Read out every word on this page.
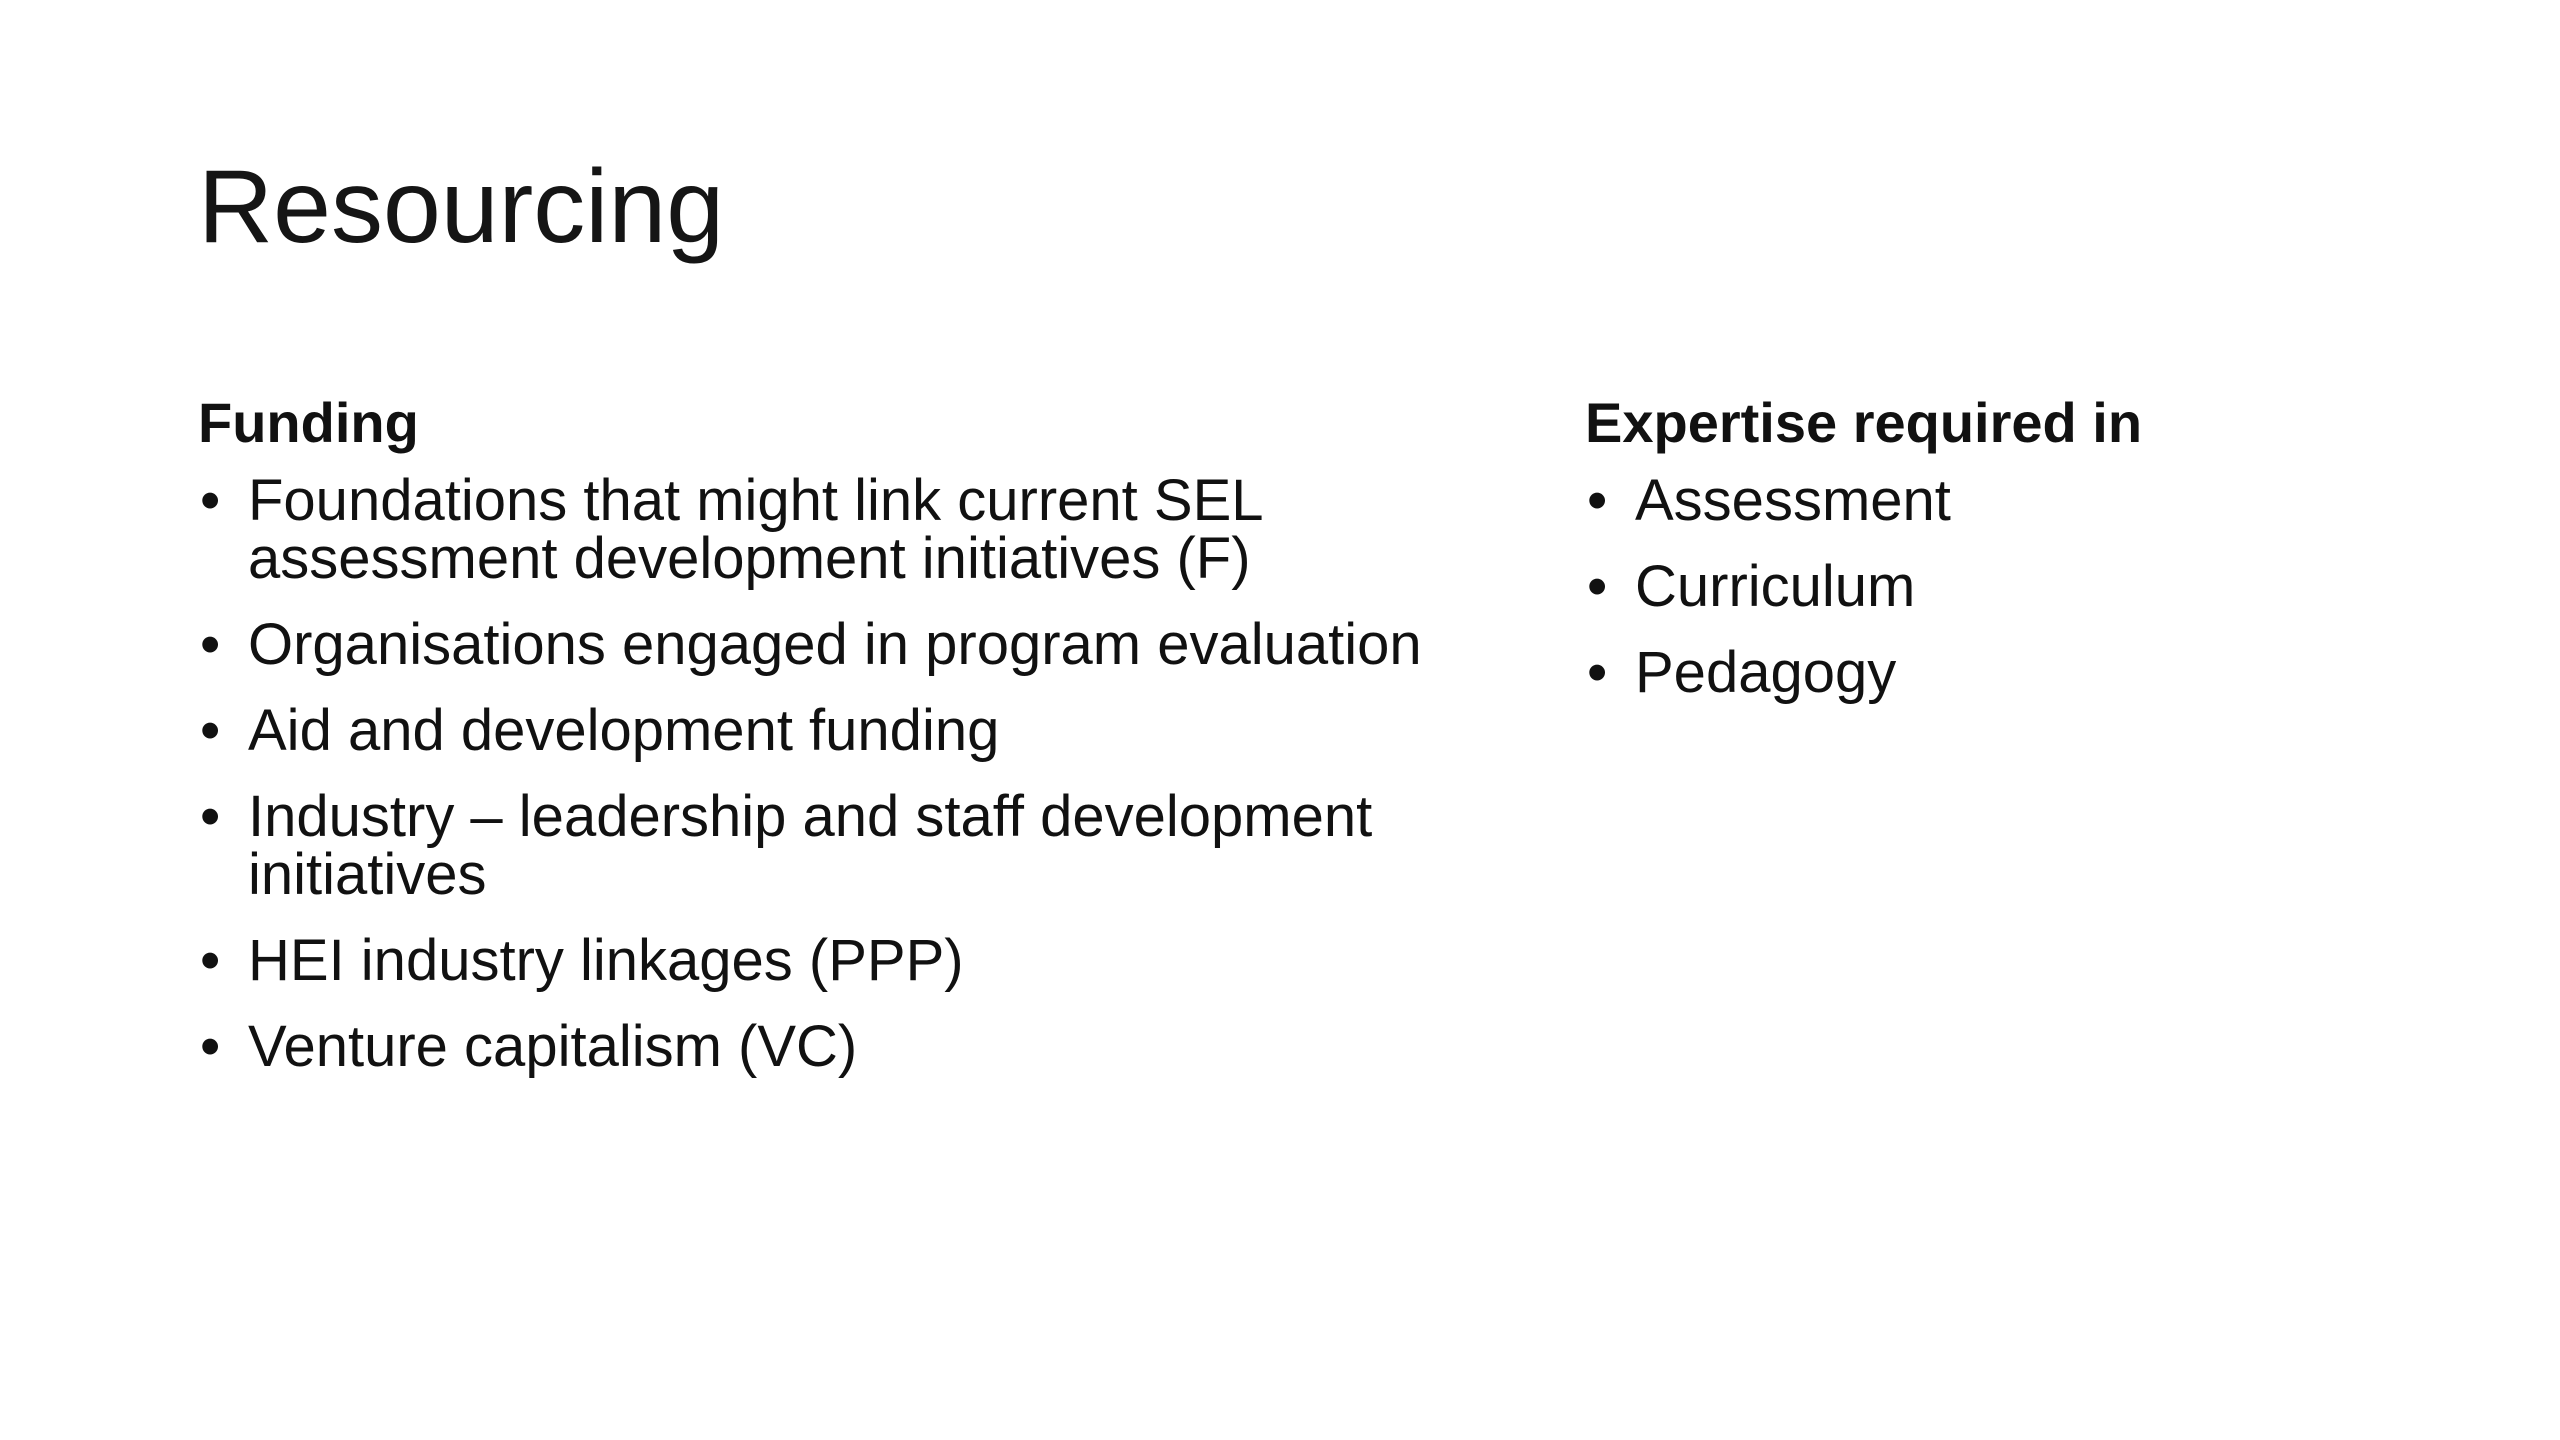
Resourcing
Funding
• Foundations that might link current SEL assessment development initiatives (F)
• Organisations engaged in program evaluation
• Aid and development funding
• Industry – leadership and staff development initiatives
• HEI industry linkages (PPP)
• Venture capitalism (VC)
Expertise required in
• Assessment
• Curriculum
• Pedagogy
